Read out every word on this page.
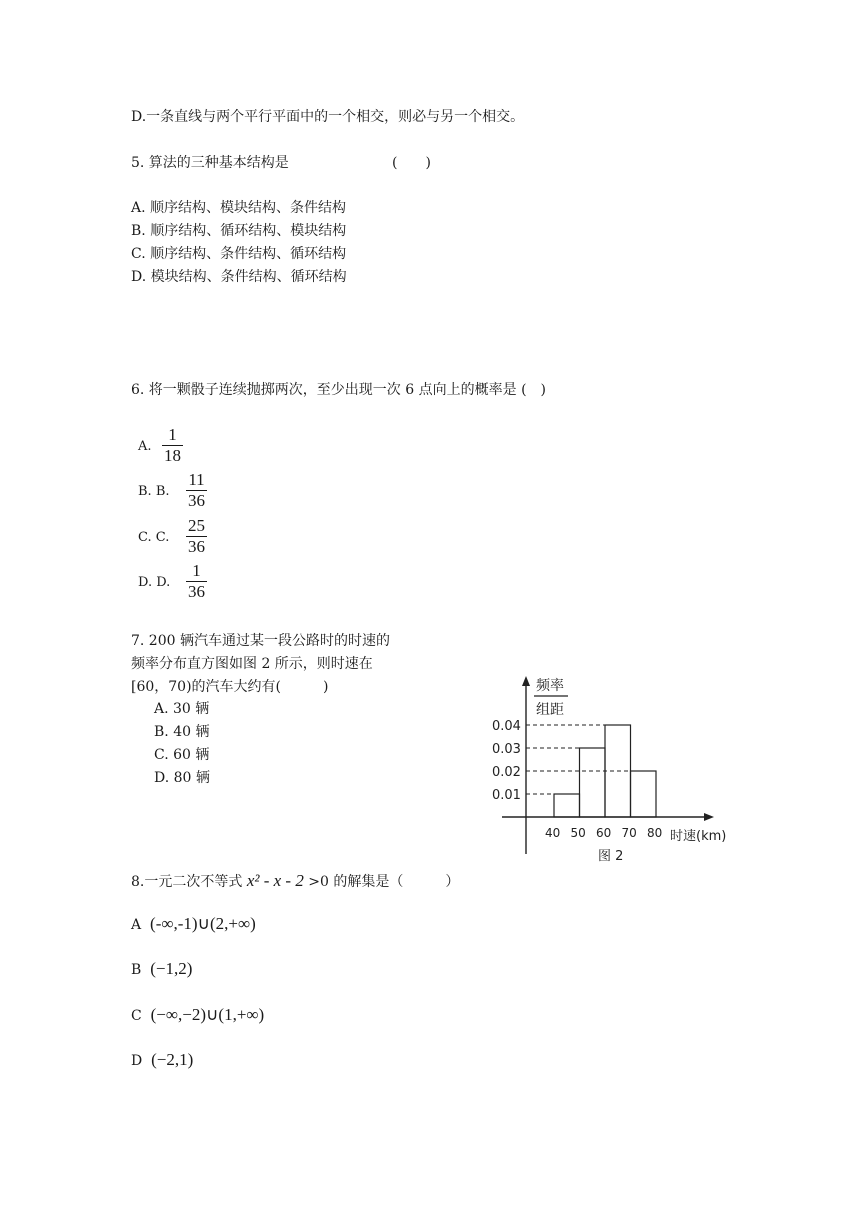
D.一条直线与两个平行平面中的一个相交，则必与另一个相交。
5. 算法的三种基本结构是	(　　)
A. 顺序结构、模块结构、条件结构
B. 顺序结构、循环结构、模块结构
C. 顺序结构、条件结构、循环结构
D. 模块结构、条件结构、循环结构
6. 将一颗骰子连续抛掷两次，至少出现一次 6 点向上的概率是 (　)
A.
1
18
B. B.
11
36
C. C.
25
36
D. D.
1
36
7. 200 辆汽车通过某一段公路时的时速的
频率分布直方图如图 2 所示，则时速在
[60，70)的汽车大约有(　　　)
A. 30 辆
B. 40 辆
C. 60 辆
D. 80 辆
频率
组距
0.01
0.02
0.03
0.04
40 50 60 70 80 时速(km)
图 2
8.一元二次不等式 x² - x - 2 >0 的解集是（　　　）
A (-∞,-1)∪(2,+∞)
B (−1,2)
C (−∞,−2)∪(1,+∞)
D (−2,1)
